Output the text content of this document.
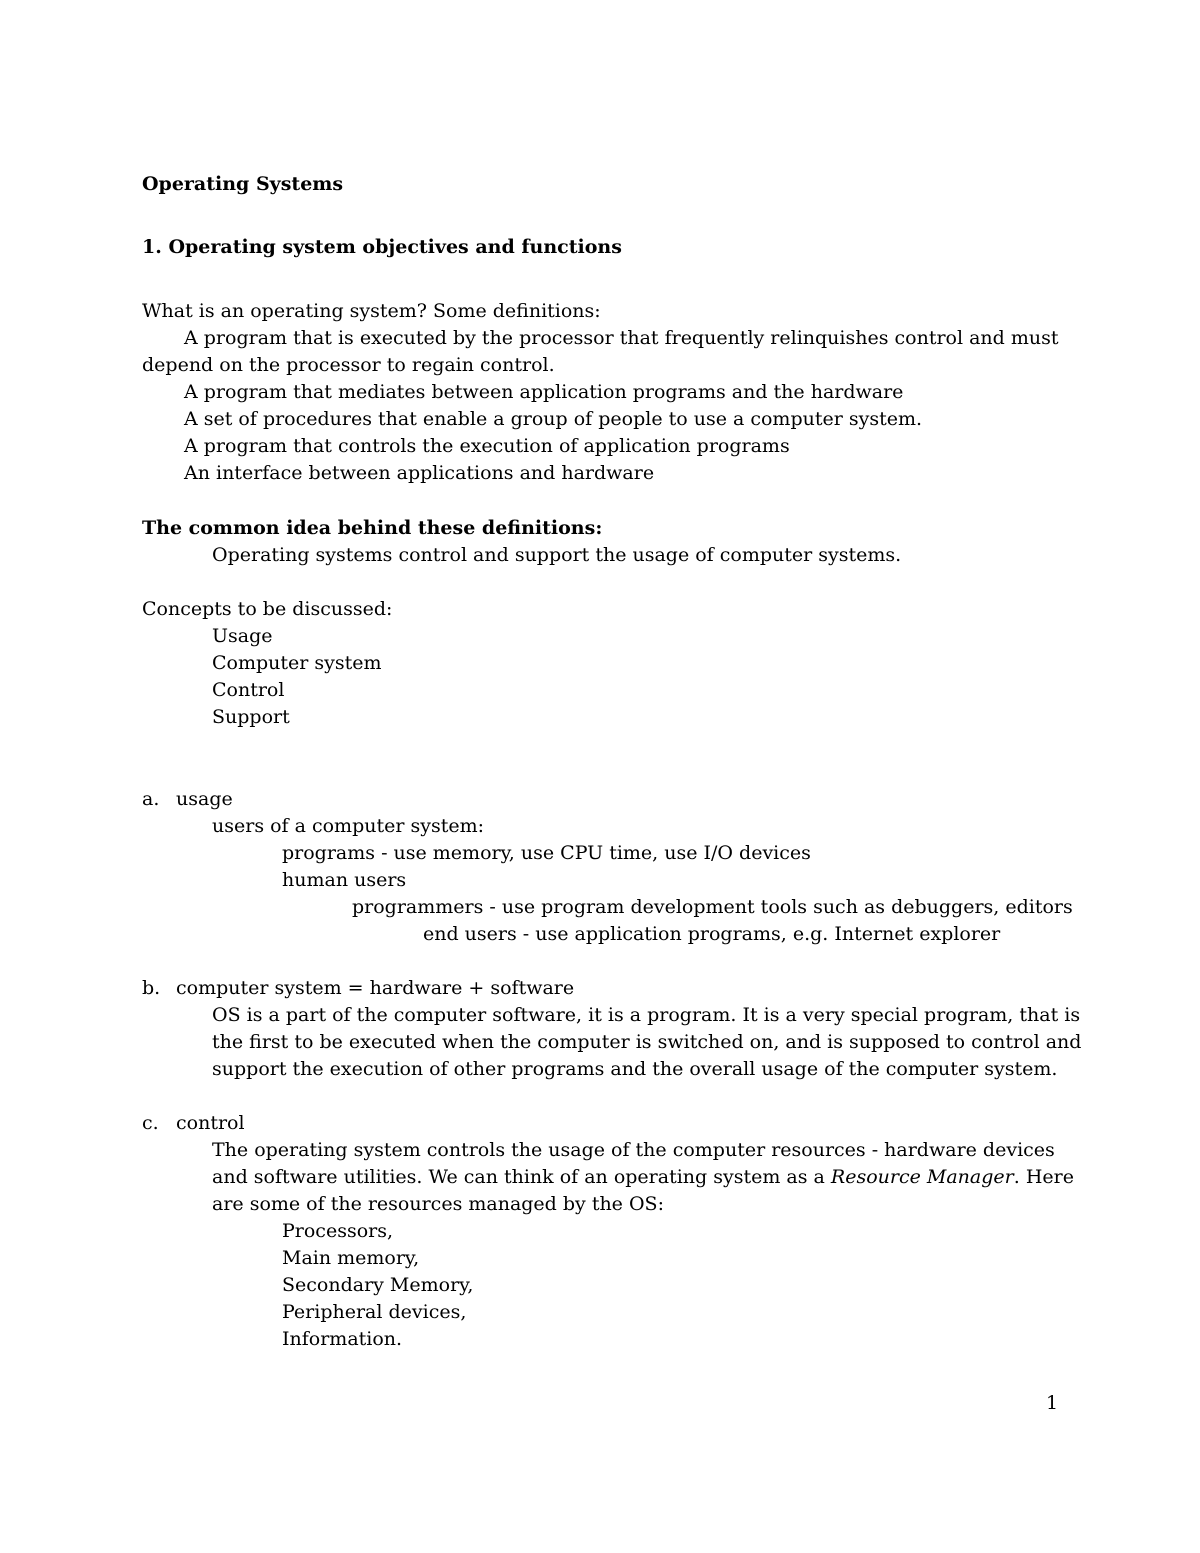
Operating Systems
1. Operating system objectives and functions
What is an operating system? Some definitions:
A program that is executed by the processor that frequently relinquishes control and must
depend on the processor to regain control.
A program that mediates between application programs and the hardware
A set of procedures that enable a group of people to use a computer system.
A program that controls the execution of application programs
An interface between applications and hardware
The common idea behind these definitions:
Operating systems control and support the usage of computer systems.
Concepts to be discussed:
Usage
Computer system
Control
Support
a. usage
users of a computer system:
programs - use memory, use CPU time, use I/O devices
human users
programmers - use program development tools such as debuggers, editors
end users - use application programs, e.g. Internet explorer
b. computer system = hardware + software
OS is a part of the computer software, it is a program. It is a very special program, that is
the first to be executed when the computer is switched on, and is supposed to control and
support the execution of other programs and the overall usage of the computer system.
c. control
The operating system controls the usage of the computer resources - hardware devices
and software utilities. We can think of an operating system as a Resource Manager. Here
are some of the resources managed by the OS:
Processors,
Main memory,
Secondary Memory,
Peripheral devices,
Information.
1
